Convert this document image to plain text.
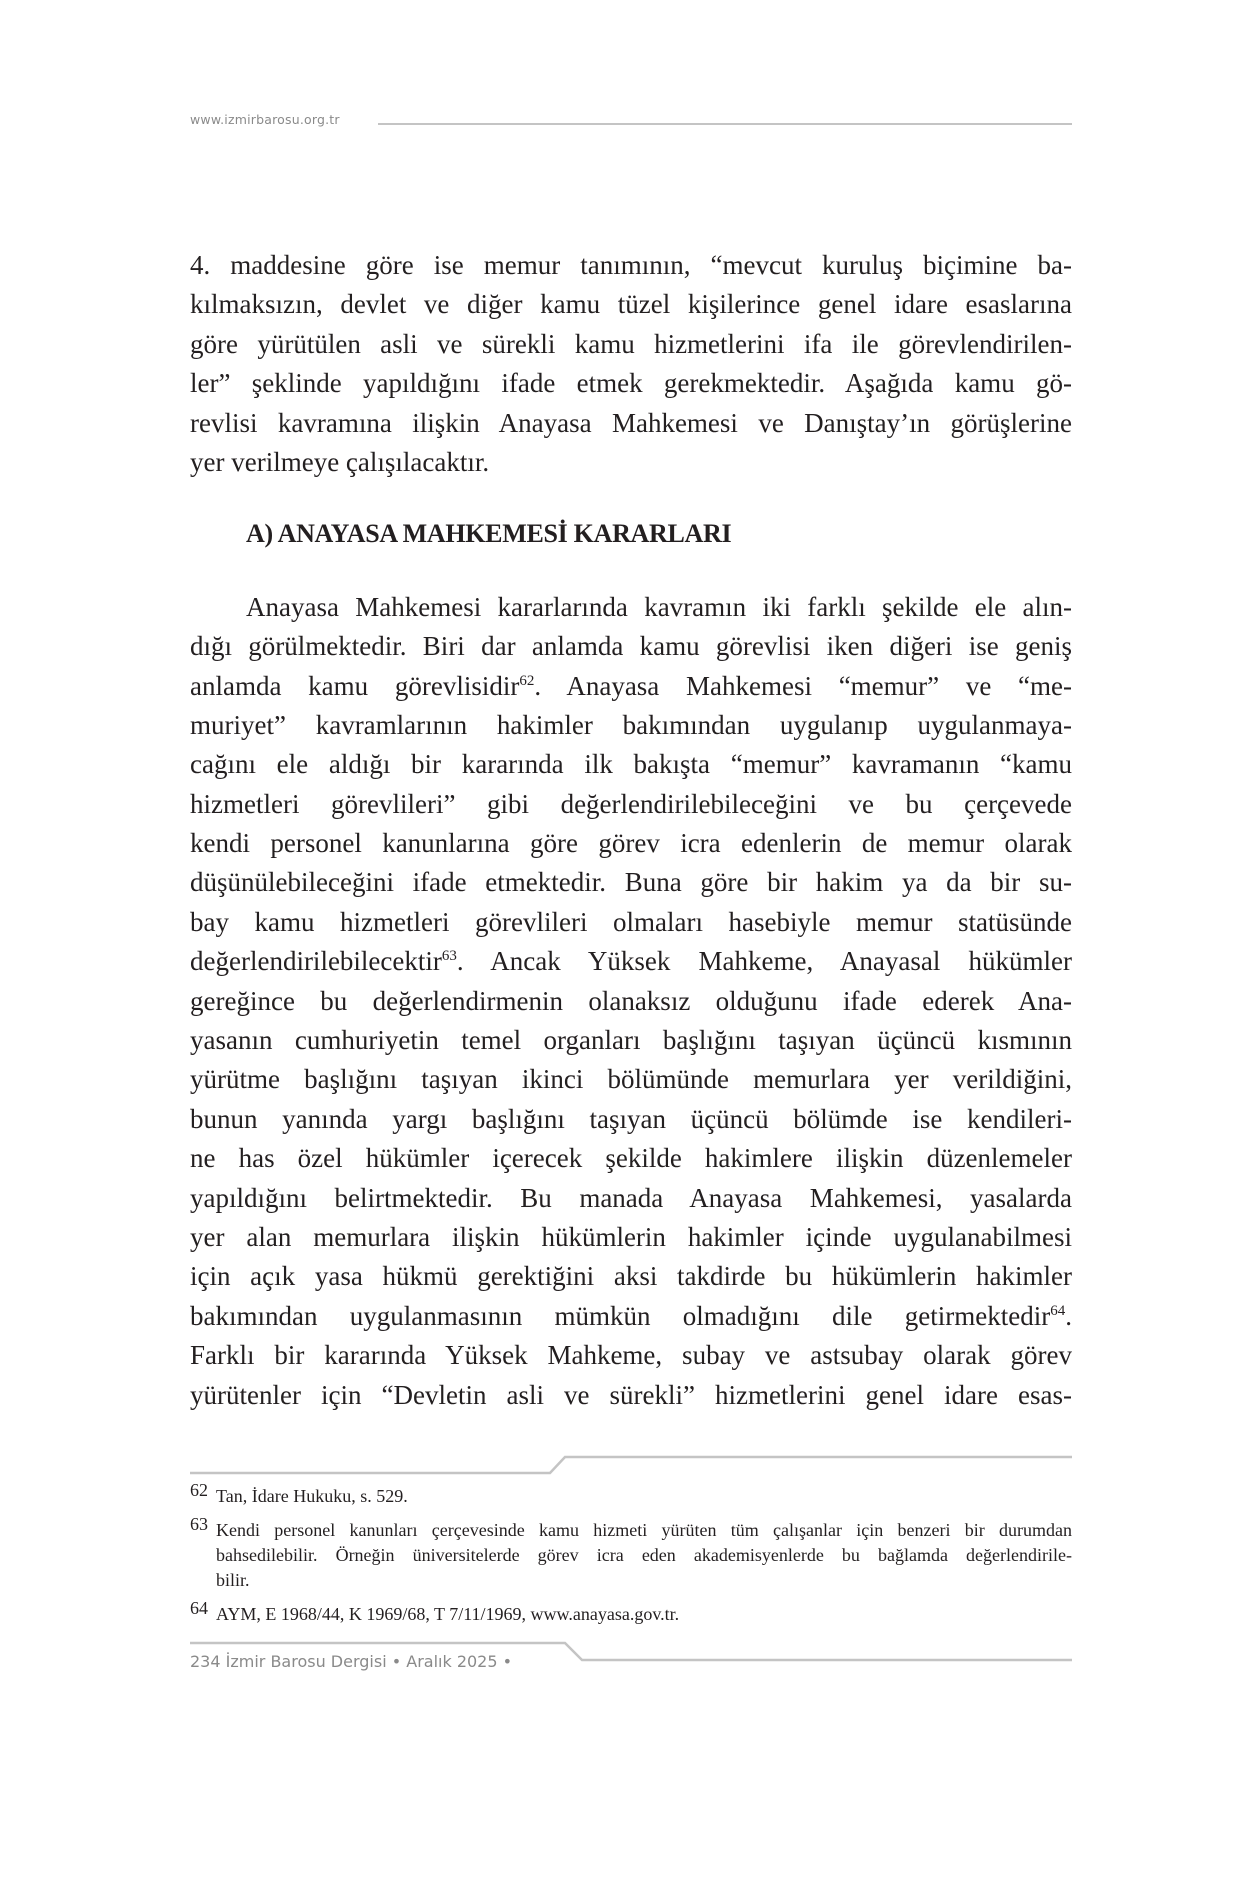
www.izmirbarosu.org.tr
4. maddesine göre ise memur tanımının, “mevcut kuruluş biçimine ba-
kılmaksızın, devlet ve diğer kamu tüzel kişilerince genel idare esaslarına
göre yürütülen asli ve sürekli kamu hizmetlerini ifa ile görevlendirilen-
ler” şeklinde yapıldığını ifade etmek gerekmektedir. Aşağıda kamu gö-
revlisi kavramına ilişkin Anayasa Mahkemesi ve Danıştay’ın görüşlerine
yer verilmeye çalışılacaktır.
A) ANAYASA MAHKEMESİ KARARLARI
Anayasa Mahkemesi kararlarında kavramın iki farklı şekilde ele alın-
dığı görülmektedir. Biri dar anlamda kamu görevlisi iken diğeri ise geniş
anlamda kamu görevlisidir$^{62}$. Anayasa Mahkemesi “memur” ve “me-
muriyet” kavramlarının hakimler bakımından uygulanıp uygulanmaya-
cağını ele aldığı bir kararında ilk bakışta “memur” kavramanın “kamu
hizmetleri görevlileri” gibi değerlendirilebileceğini ve bu çerçevede
kendi personel kanunlarına göre görev icra edenlerin de memur olarak
düşünülebileceğini ifade etmektedir. Buna göre bir hakim ya da bir su-
bay kamu hizmetleri görevlileri olmaları hasebiyle memur statüsünde
değerlendirilebilecektir$^{63}$. Ancak Yüksek Mahkeme, Anayasal hükümler
gereğince bu değerlendirmenin olanaksız olduğunu ifade ederek Ana-
yasanın cumhuriyetin temel organları başlığını taşıyan üçüncü kısmının
yürütme başlığını taşıyan ikinci bölümünde memurlara yer verildiğini,
bunun yanında yargı başlığını taşıyan üçüncü bölümde ise kendileri-
ne has özel hükümler içerecek şekilde hakimlere ilişkin düzenlemeler
yapıldığını belirtmektedir. Bu manada Anayasa Mahkemesi, yasalarda
yer alan memurlara ilişkin hükümlerin hakimler içinde uygulanabilmesi
için açık yasa hükmü gerektiğini aksi takdirde bu hükümlerin hakimler
bakımından uygulanmasının mümkün olmadığını dile getirmektedir$^{64}$.
Farklı bir kararında Yüksek Mahkeme, subay ve astsubay olarak görev
yürütenler için “Devletin asli ve sürekli” hizmetlerini genel idare esas-
62 Tan, İdare Hukuku, s. 529.
63 Kendi personel kanunları çerçevesinde kamu hizmeti yürüten tüm çalışanlar için benzeri bir durumdan
bahsedilebilir. Örneğin üniversitelerde görev icra eden akademisyenlerde bu bağlamda değerlendirile-
bilir.
64 AYM, E 1968/44, K 1969/68, T 7/11/1969, www.anayasa.gov.tr.
234 İzmir Barosu Dergisi • Aralık 2025 •
